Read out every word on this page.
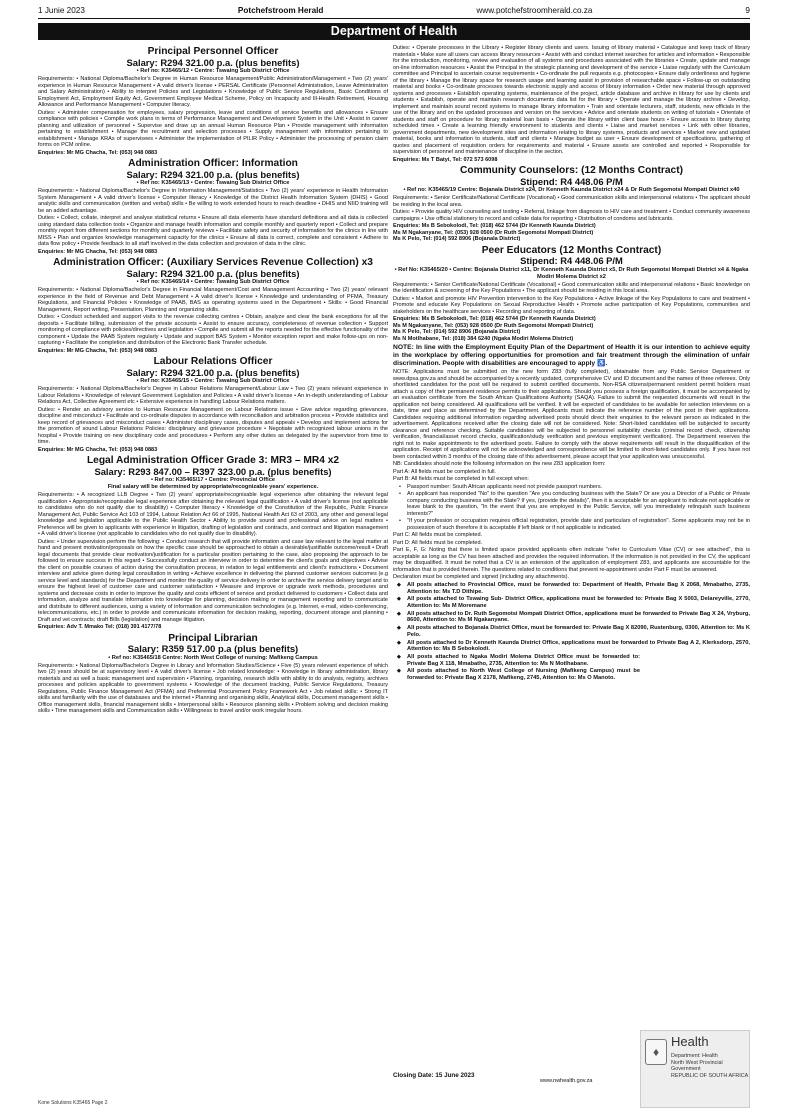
1 Junie 2023	Potchefstroom Herald	www.potchefstroomherald.co.za	9
Department of Health
Principal Personnel Officer
Salary: R294 321.00 p.a. (plus benefits)
• Ref no: K35465/12 • Centre: Tswaing Sub District Office

Requirements: • National Diploma/Bachelor's Degree in Human Resource Management/Public Administration/Management • Two (2) years' experience in Human Resource Management • A valid driver's license • PERSAL Certificate (Personnel Administration, Leave Administration and Salary Administration) • Ability to interpret Policies and Legislations • Knowledge of Public Service Regulations, Basic Conditions of Employment Act, Employment Equity Act, Government Employee Medical Scheme, Policy on Incapacity and Ill-Health Retirement, Housing Allowance and Performance Management • Computer literacy.

Duties: • Administer compensation for employees, salary progression, leave and conditions of service benefits and allowances • Ensure compliance with policies • Compile work plans in terms of Performance Management and Development System in the Unit • Assist in career planning and utilization of personnel • Supervise and draw up an annual Human Resource Plan • Provide management with information pertaining to establishment • Manage the recruitment and selection processes • Supply management with information pertaining to establishment • Manage KRAs of supervisees • Administer the implementation of PILIR Policy • Administer the processing of pension claim forms on PCM online.

Enquiries: Mr MG Chacha, Tel: (053) 948 0883

Administration Officer: Information
Salary: R294 321.00 p.a. (plus benefits)
• Ref no: K35465/13 • Centre: Tswaing Sub District Office

Requirements: • National Diploma/Bachelor's Degree in Information Management/Statistics • Two (2) years' experience in Health Information System Management • A valid driver's license • Computer literacy • Knowledge of the District Health Information System (DHIS) • Good analytic skills and communication (written and verbal) skills • Be willing to work extended hours to reach deadline • DHIS and NIID training will be an added advantage.

Duties: • Collect, collate, interpret and analyse statistical returns • Ensure all data elements have standard definitions and all data is collected using standard data collection tools • Organize and manage health information and compile monthly and quarterly report • Collect and prepare monthly report from different sections for monthly and quarterly reviews • Facilitate safety and security of information for the clinics in line with MISS • Plan and organize knowledge management capacity for the clinics • Ensure all data is correct, complete and consistent • Adhere to data flow policy • Provide feedback to all staff involved in the data collection and provision of data in the clinic.

Enquiries: Mr MG Chacha, Tel: (053) 948 0883

Administration Officer: (Auxiliary Services Revenue Collection) x3
Salary: R294 321.00 p.a. (plus benefits)
• Ref no: K35465/14 • Centre: Tswaing Sub District Office

Requirements: • National Diploma/Bachelor's Degree in Financial Management/Cost and Management Accounting • Two (2) years' relevant experience in the field of Revenue and Debt Management • A valid driver's license • Knowledge and understanding of PFMA, Treasury Regulations, and Financial Policies • Knowledge of PAAB, BAS as operating systems used in the Department • Skills: • Good Financial Management, Report writing, Presentation, Planning and organizing skills.

Duties: • Conduct scheduled and support visits to the revenue collecting centres • Obtain, analyze and clear the bank exceptions for all the deposits • Facilitate billing, submission of the private accounts • Assist to ensure accuracy, completeness of revenue collection • Support monitoring of compliance with policies/directives and legislation • Compile and submit all the reports needed for the effective functionality of the component • Update the PAAB System regularly • Update and support BAS System • Monitor exception report and make follow-ups on non-capturing • Facilitate the completion and distribution of the Electronic Bank Transfer schedule.

Enquiries: Mr MG Chacha, Tel: (053) 948 0883

Labour Relations Officer
Salary: R294 321.00 p.a. (plus benefits)
• Ref no: K35465/15 • Centre: Tswaing Sub District Office

Requirements: • National Diploma/Bachelor's Degree in Labour Relations Management/Labour Law • Two (2) years relevant experience in Labour Relations • Knowledge of relevant Government Legislation and Policies • A valid driver's license • An in-depth understanding of Labour Relations Act, Collective Agreement etc • Extensive experience in handling Labour Relations matters.

Duties: • Render an advisory service to Human Resource Management on Labour Relations issue • Give advice regarding grievances, discipline and misconduct • Facilitate and co-ordinate disputes in accordance with reconciliation and arbitration process • Provide statistics and keep record of grievances and misconduct cases • Administer disciplinary cases, disputes and appeals • Develop and implement actions for the promotion of sound Labour Relations Policies: disciplinary and grievance procedure • Negotiate with recognized labour unions in the hospital • Provide training on new disciplinary code and procedures • Perform any other duties as delegated by the supervisor from time to time.

Enquiries: Mr MG Chacha, Tel: (053) 948 0883

Legal Administration Officer Grade 3: MR3 – MR4 x2
Salary: R293 847.00 – R397 323.00 p.a. (plus benefits)
• Ref no: K35465/17 • Centre: Provincial Office
Final salary will be determined by appropriate/recognizable years' experience.

Requirements: • A recognized LLB Degree • Two (2) years' appropriate/recognisable legal experience after obtaining the relevant legal qualification • Appropriate/recognisable legal experience after obtaining the relevant legal qualification • A valid driver's license (not applicable to candidates who do not qualify due to disability) • Computer literacy • Knowledge of the Constitution of the Republic, Public Finance Management Act, Public Service Act 103 of 1994, Labour Relation Act 66 of 1995, National Health Act 63 of 2003, any other and general legal knowledge and legislation applicable to the Public Health Sector • Ability to provide sound and professional advice on legal matters • Preference will be given to applicants with experience in litigation, drafting of legislation and contracts, and contract and litigation management • A valid driver's license (not applicable to candidates who do not qualify due to disability).

Duties: • Under supervision perform the following: • Conduct research that will provide information and case law relevant to the legal matter at hand and present motivation/proposals on how the specific case should be approached to obtain a desirable/justifiable outcome/result • Draft legal documents that provide clear motivation/justification for a particular position pertaining to the case, also proposing the approach to be followed to ensure success in this regard • Successfully conduct an interview in order to determine the client's goals and objectives • Advise the client on possible courses of action during the consultation process, in relation to legal entitlements and client's instructions • Document interview and advice given during legal consultation in writing • Achieve excellence in delivering the planned customer services outcomes (e.g service level and standards) for the Department and monitor the quality of service delivery in order to archive the service delivery target and to ensure the highest level of customer care and customer satisfaction • Measure and improve or upgrade work methods, procedures and systems and decrease costs in order to improve the quality and costs efficient of service and product delivered to customers • Collect data and information, analyze and translate information into knowledge for planning, decision making or management reporting and to communicate and distribute to different audiences, using a variety of information and communication technologies (e.g. Internet, e-mail, video-conferencing, telecommunications, etc.) in order to provide and communicate information for decision making, reporting, document storage and planning • Draft and vet contracts; draft Bills (legislation) and manage litigation.

Enquiries: Adv T. Mmako Tel: (018) 391 4177/78

Principal Librarian
Salary: R359 517.00 p.a (plus benefits)
• Ref no: K35465/18 Centre: North West College of nursing: Mafikeng Campus

Requirements: • National Diploma/Bachelor's Degree in Library and Information Studies/Science • Five (5) years relevant experience of which two (2) years should be at supervisory level • A valid driver's license • Job related knowledge: • Knowledge in library administration, library materials and as well a basic management and supervision • Planning, organising, research skills with ability to do analysis, registry, archives processes and policies applicable to government systems • Knowledge of the document tracking, Public Service Regulations, Treasury Regulations, Public Finance Management Act (PFMA) and Preferential Procurement Policy Framework Act • Job related skills: • Strong IT skills and familiarity with the use of databases and the internet • Planning and organising skills, Analytical skills, Document management skills • Office management skills, financial management skills • Interpersonal skills • Resource planning skills • Problem solving and decision making skills • Time management skills and Communication skills • Willingness to travel and/or work irregular hours.

Duties: • Operate processes in the Library • Register library clients and users. Issuing of library material • Catalogue and keep track of library materials • Make sure all users can access library resources • Assist with and conduct internet searches for articles and information • Responsible for the introduction, monitoring, review and evaluation of all systems and procedures associated with the libraries • Create, update and manage on-line information resources • Assist the Principal in the strategic planning and development of the service • Liaise regularly with the Curriculum committee and Principal to ascertain course requirements • Co-ordinate the pull requests e.g. photocopies • Ensure daily orderliness and hygiene of the library • Manage the library space for research usage and learning assist in provision of researchable space • Follow-up on outstanding material and books • Co-ordinate processes towards electronic supply and access of library information • Order new material through approved systems and processes • Establish operating systems, maintenance of the project, article database and archive in library for use by clients and students • Establish, operate and maintain research documents data list for the library • Operate and manage the library archive • Develop, implement and maintain sound record systems to manage library information • Train and orientate lecturers, staff, students, new officials in the use of the library and on the updated processes and version on the services • Advice and orientate students on writing of tutorials • Orientate of students and staff on procedure for library material loan basis • Operate the library within client base hours • Ensure access to library during scheduled times • Create a learning friendly environment to students and clients • Liaise and market services • Link with other libraries, government departments, new development sites and information relating to library systems, products and services • Market new and updated material, books and information to students, staff and clients • Manage budget as user • Ensure development of specifications, gathering of quotes and placement of requisition orders for requirements and material • Ensure assets are controlled and reported • Responsible for supervision of personnel and maintenance of discipline in the section.

Enquiries: Ms T Batyi, Tel: 072 573 6098

Community Counselors: (12 Months Contract)
Stipend: R4 448.06 P/M
• Ref no: K35465/19 Centre: Bojanala District x24, Dr Kenneth Kaunda District x24 & Dr Ruth Segomotsi Mompati District x40

Requirements: • Senior Certificate/National Certificate (Vocational) • Good communication skills and interpersonal relations • The applicant should be residing in the local area.

Duties: • Provide quality HIV counseling and testing • Referral, linkage from diagnosis to HIV care and treatment • Conduct community awareness campaigns • Use official stationery to record and collate data for reporting • Distribution of condoms and lubricants.

Enquiries: Ms B Sebokolodi, Tel: (018) 462 5744 (Dr Kenneth Kaunda District)
Ms M Ngakanyane, Tel: (053) 928 0500 (Dr Ruth Segomotsi Mompati District)
Ms K Pelo, Tel: (014) 592 8906 (Bojanala District)
Peer Educators (12 Months Contract)
Stipend: R4 448.06 P/M
• Ref No: K35465/20 • Centre: Bojanala District x11, Dr Kenneth Kaunda District x5, Dr Ruth Segomotsi Mompati District x4 & Ngaka Modiri Molema District x2

Requirements: • Senior Certificate/National Certificate (Vocational) • Good communication skills and interpersonal relations • Basic knowledge on the identification & screening of the Key Populations • The applicant should be residing in this local area.

Duties: • Market and promote HIV Prevention intervention to the Key Populations • Active linkage of the Key Populations to care and treatment • Promote and educate Key Populations on Sexual Reproductive Health • Promote active participation of Key Populations, communities and stakeholders on the healthcare services • Recording and reporting of data.

Enquiries: Ms B Sebokolodi, Tel: (018) 462 5744 (Dr Kenneth Kaunda District)
Ms M Ngakanyane, Tel: (053) 928 0500 (Dr Ruth Segomotsi Mompati District)
Ms K Pelo, Tel: (014) 592 8906 (Bojanala District)
Ms N Motlhabane, Tel: (018) 384 6240 (Ngaka Modiri Molema District)

NOTE: In line with the Employment Equity Plan of the Department of Health it is our intention to achieve equity in the workplace by offering opportunities for promotion and fair treatment through the elimination of unfair discrimination. People with disabilities are encouraged to apply ♿.

NOTE: Applications must be submitted on the new form Z83 (fully completed), obtainable from any Public Service Department or www.dpsa.gov.za and should be accompanied by a recently updated, comprehensive CV and ID document and the names of three referees. Only shortlisted candidates for the post will be required to submit certified documents. Non-RSA citizens/permanent resident permit holders must attach a copy of their permanent residence permits to their applications. Should you possess a foreign qualification, it must be accompanied by an evaluation certificate from the South African Qualifications Authority (SAQA). Failure to submit the requested documents will result in the application not being considered. All qualifications will be verified. It will be expected of candidates to be available for selection interviews on a date, time and place as determined by the Department. Applicants must indicate the reference number of the post in their applications. Candidates requiring additional information regarding advertised posts should direct their enquiries to the relevant person as indicated in the advertisement. Applications received after the closing date will not be considered. Note: Short-listed candidates will be subjected to security clearance and reference checking. Suitable candidates will be subjected to personnel suitability checks (criminal record check, citizenship verification, financial/asset record checks, qualification/study verification and previous employment verification). The Department reserves the right not to make appointments to the advertised posts. Failure to comply with the above requirements will result in the disqualification of the application. Receipt of applications will not be acknowledged and correspondence will be limited to short-listed candidates only. If you have not been contacted within 3 months of the closing date of this advertisement, please accept that your application was unsuccessful.

NB: Candidates should note the following information on the new Z83 application form:

Part A: All fields must be completed in full.

Part B: All fields must be completed in full except when:

• Passport number: South African applicants need not provide passport numbers.
• An applicant has responded "No" to the question "Are you conducting business with the State? Or are you a Director of a Public or Private company conducting business with the State? If yes, (provide the details)", then it is acceptable for an applicant to indicate not applicable or leave blank to the question, "In the event that you are employed in the Public Service, will you immediately relinquish such business interests?"
• "If your profession or occupation requires official registration, provide date and particulars of registration". Some applicants may not be in possession of such therefore it is acceptable if left blank or if not applicable is indicated.

Part C: All fields must be completed.

Part D: All fields must be completed.

Part E, F, G: Noting that there is limited space provided applicants often indicate "refer to Curriculum Vitae (CV) or see attached", this is acceptable as long as the CV has been attached and provides the required information. If the information is not provided in the CV, the applicant may be disqualified. It must be noted that a CV is an extension of the application of employment Z83, and applicants are accountable for the information that is provided therein. The questions related to conditions that prevent re-appointment under Part F must be answered.

Declaration must be completed and signed (including any attachments).

◆ All posts attached to Provincial Office, must be forwarded to: Department of Health, Private Bag X 2068, Mmabatho, 2735, Attention to: Ms T.D Dithipe.
◆ All posts attached to Tswaing Sub- District Office, applications must be forwarded to: Private Bag X 5003, Delareyville, 2770, Attention to: Ms M Moremane
◆ All posts attached to Dr. Ruth Segomotsi Mompati District Office, applications must be forwarded to Private Bag X 24, Vryburg, 8600, Attention to: Ms M Ngakanyane.
◆ All posts attached to Bojanala District Office, must be forwarded to: Private Bag X 82090, Rustenburg, 0300, Attention to: Ms K Pelo.
◆ All posts attached to Dr Kenneth Kaunda District Office, applications must be forwarded to Private Bag A 2, Klerksdorp, 2570, Attention to: Ms B Sebokolodi.
◆ All posts attached to Ngaka Modiri Molema District Office must be forwarded to: Private Bag X 118, Mmabatho, 2735, Attention to: Ms N Motlhabane.
◆ All posts attached to North West College of Nursing (Mafikeng Campus) must be forwarded to: Private Bag X 2178, Mafikeng, 2745, Attention to: Ms O Manoto.
Closing Date: 15 June 2023
www.nwhealth.gov.za
♦
Health
Department: Health
North West Provincial Government
REPUBLIC OF SOUTH AFRICA
Kone Solutions K35465 Page 2
